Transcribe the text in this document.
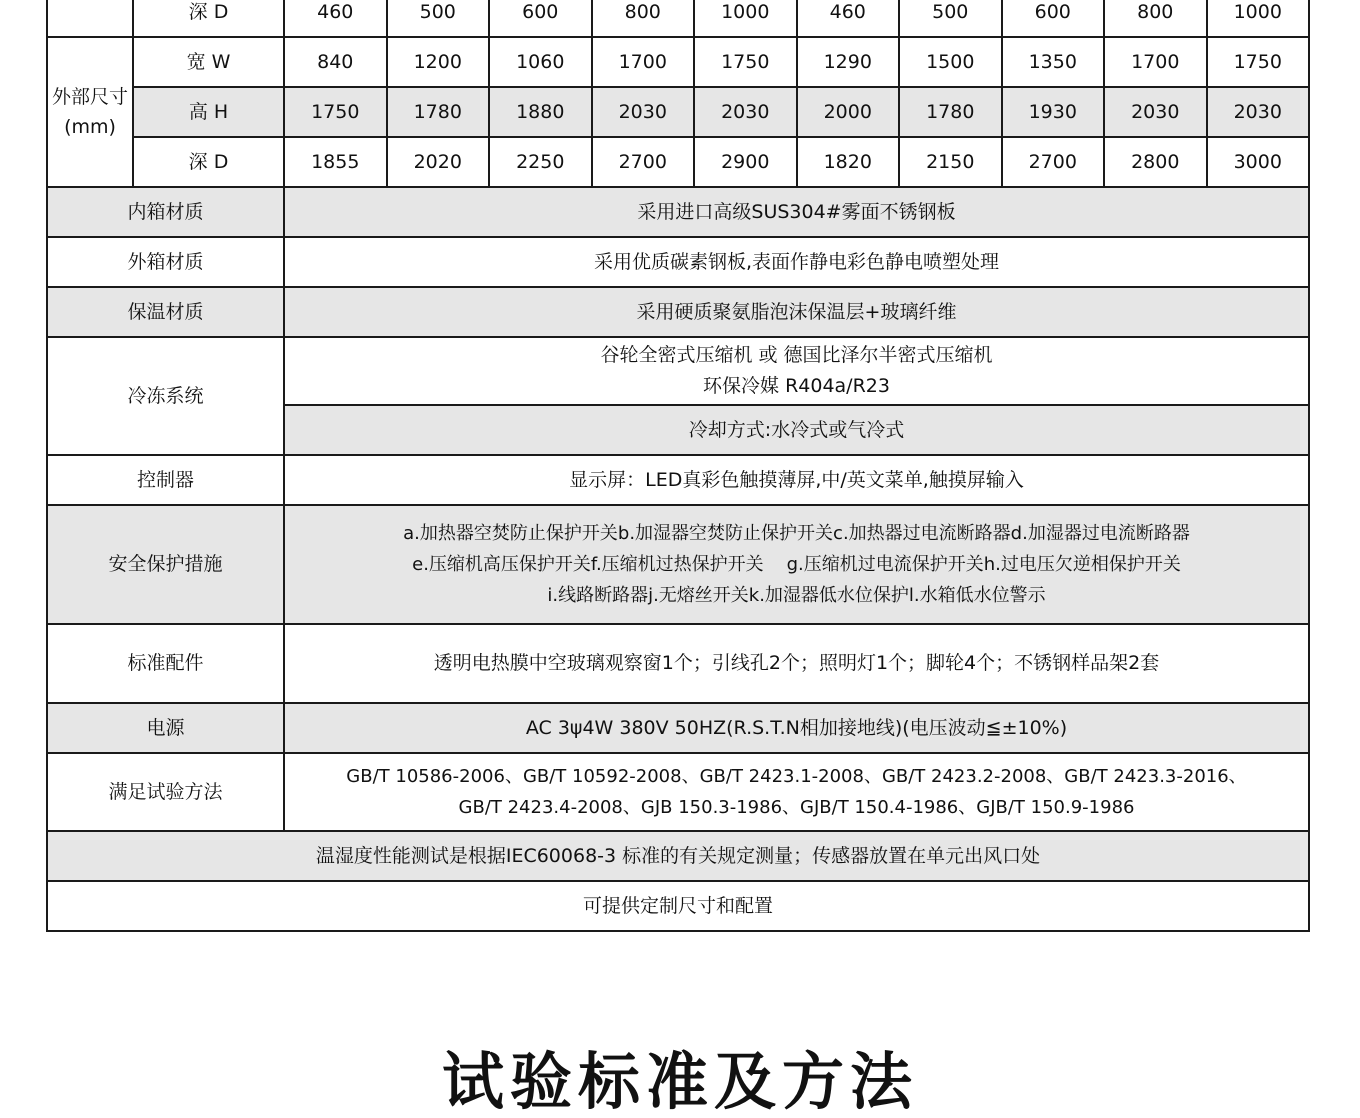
	深 D	460	500	600	800	1000	460	500	600	800	1000
外部尺寸(mm)	宽 W	840	1200	1060	1700	1750	1290	1500	1350	1700	1750
	高 H	1750	1780	1880	2030	2030	2000	1780	1930	2030	2030
	深 D	1855	2020	2250	2700	2900	1820	2150	2700	2800	3000
内箱材质		采用进口高级SUS304#雾面不锈钢板									
外箱材质		采用优质碳素钢板,表面作静电彩色静电喷塑处理									
保温材质		采用硬质聚氨脂泡沫保温层+玻璃纤维									
冷冻系统		谷轮全密式压缩机 或 德国比泽尔半密式压缩机
环保冷媒 R404a/R23									

		冷却方式:水冷式或气冷式									
控制器		显示屏：LED真彩色触摸薄屏,中/英文菜单,触摸屏输入									
安全保护措施		a.加热器空焚防止保护开关b.加湿器空焚防止保护开关c.加热器过电流断路器d.加湿器过电流断路器
e.压缩机高压保护开关f.压缩机过热保护开关    g.压缩机过电流保护开关h.过电压欠逆相保护开关
i.线路断路器j.无熔丝开关k.加湿器低水位保护l.水箱低水位警示									

标准配件		透明电热膜中空玻璃观察窗1个；引线孔2个；照明灯1个；脚轮4个；不锈钢样品架2套									
电源		AC 3ψ4W 380V 50HZ(R.S.T.N相加接地线)(电压波动≦±10%)									
满足试验方法		GB/T 10586-2006、GB/T 10592-2008、GB/T 2423.1-2008、GB/T 2423.2-2008、GB/T 2423.3-2016、
GB/T 2423.4-2008、GJB 150.3-1986、GJB/T 150.4-1986、GJB/T 150.9-1986									

温湿度性能测试是根据IEC60068-3 标准的有关规定测量；传感器放置在单元出风口处											
可提供定制尺寸和配置											
试验标准及方法
